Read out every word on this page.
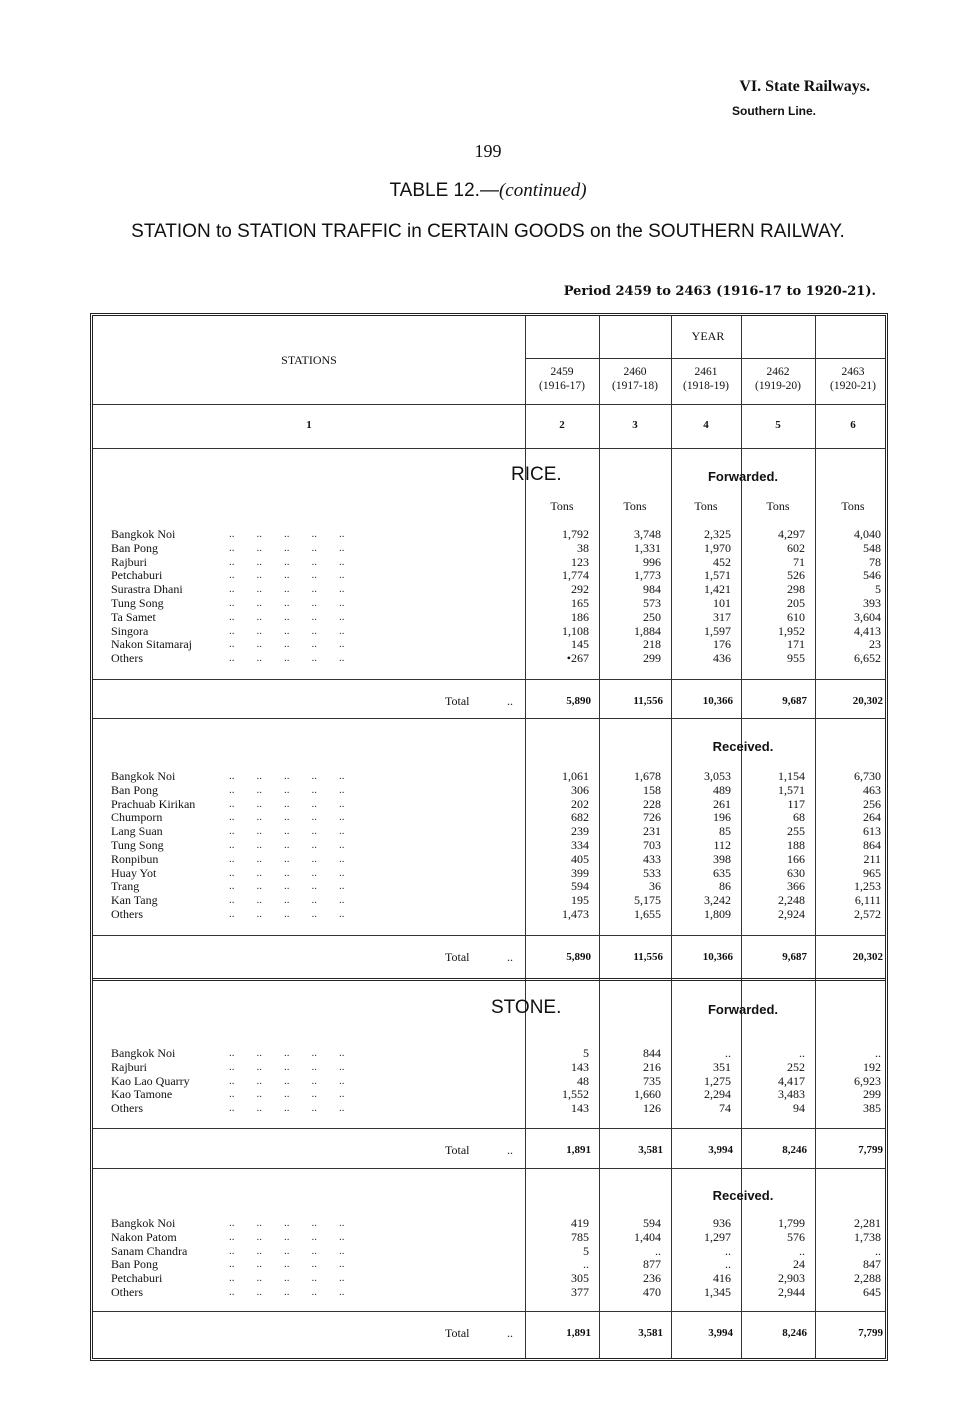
VI. State Railways.
Southern Line.
199
TABLE 12.—(continued)
STATION to STATION TRAFFIC in CERTAIN GOODS on the SOUTHERN RAILWAY.
Period 2459 to 2463 (1916-17 to 1920-21).
STATIONS
YEAR
2459
(1916-17)
2460
(1917-18)
2461
(1918-19)
2462
(1919-20)
2463
(1920-21)
1	2	3	4	5	6
RICE.	Forwarded.
Tons	Tons	Tons	Tons	Tons
Bangkok Noi	..        ..        ..        ..        ..	1,792	3,748	2,325	4,297	4,040
Ban Pong	..        ..        ..        ..        ..	38	1,331	1,970	602	548
Rajburi	..        ..        ..        ..        ..	123	996	452	71	78
Petchaburi	..        ..        ..        ..        ..	1,774	1,773	1,571	526	546
Surastra Dhani	..        ..        ..        ..        ..	292	984	1,421	298	5
Tung Song	..        ..        ..        ..        ..	165	573	101	205	393
Ta Samet	..        ..        ..        ..        ..	186	250	317	610	3,604
Singora	..        ..        ..        ..        ..	1,108	1,884	1,597	1,952	4,413
Nakon Sitamaraj	..        ..        ..        ..        ..	145	218	176	171	23
Others	..        ..        ..        ..        ..	•267	299	436	955	6,652
Total	..	5,890	11,556	10,366	9,687	20,302
Received.
Bangkok Noi	..        ..        ..        ..        ..	1,061	1,678	3,053	1,154	6,730
Ban Pong	..        ..        ..        ..        ..	306	158	489	1,571	463
Prachuab Kirikan	..        ..        ..        ..        ..	202	228	261	117	256
Chumporn	..        ..        ..        ..        ..	682	726	196	68	264
Lang Suan	..        ..        ..        ..        ..	239	231	85	255	613
Tung Song	..        ..        ..        ..        ..	334	703	112	188	864
Ronpibun	..        ..        ..        ..        ..	405	433	398	166	211
Huay Yot	..        ..        ..        ..        ..	399	533	635	630	965
Trang	..        ..        ..        ..        ..	594	36	86	366	1,253
Kan Tang	..        ..        ..        ..        ..	195	5,175	3,242	2,248	6,111
Others	..        ..        ..        ..        ..	1,473	1,655	1,809	2,924	2,572
Total	..	5,890	11,556	10,366	9,687	20,302
STONE.	Forwarded.
Bangkok Noi	..        ..        ..        ..        ..	5	844	..	..	..
Rajburi	..        ..        ..        ..        ..	143	216	351	252	192
Kao Lao Quarry	..        ..        ..        ..        ..	48	735	1,275	4,417	6,923
Kao Tamone	..        ..        ..        ..        ..	1,552	1,660	2,294	3,483	299
Others	..        ..        ..        ..        ..	143	126	74	94	385
Total	..	1,891	3,581	3,994	8,246	7,799
Received.
Bangkok Noi	..        ..        ..        ..        ..	419	594	936	1,799	2,281
Nakon Patom	..        ..        ..        ..        ..	785	1,404	1,297	576	1,738
Sanam Chandra	..        ..        ..        ..        ..	5	..	..	..	..
Ban Pong	..        ..        ..        ..        ..	..	877	..	24	847
Petchaburi	..        ..        ..        ..        ..	305	236	416	2,903	2,288
Others	..        ..        ..        ..        ..	377	470	1,345	2,944	645
Total	..	1,891	3,581	3,994	8,246	7,799
